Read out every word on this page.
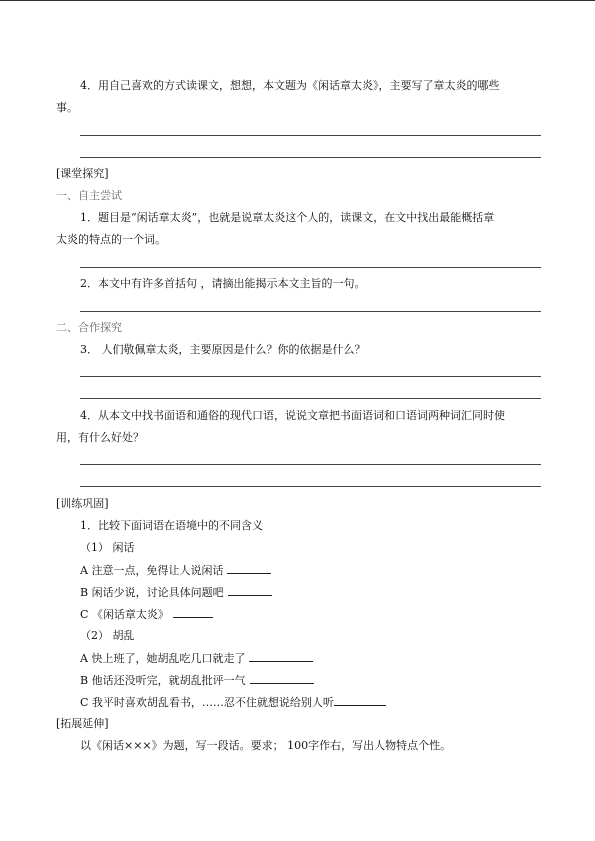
4．用自己喜欢的方式读课文，想想，本文题为《闲话章太炎》，主要写了章太炎的哪些
事。
[课堂探究]
一、自主尝试
1．题目是“闲话章太炎”，也就是说章太炎这个人的，读课文，在文中找出最能概括章
太炎的特点的一个词。
2．本文中有许多首括句 ，请摘出能揭示本文主旨的一句。
二、合作探究
3． 人们敬佩章太炎，主要原因是什么？你的依据是什么？
4．从本文中找书面语和通俗的现代口语，说说文章把书面语词和口语词两种词汇同时使
用，有什么好处？
[训练巩固]
1．比较下面词语在语境中的不同含义
（1） 闲话
A 注意一点，免得让人说闲话
B 闲话少说，讨论具体问题吧
C 《闲话章太炎》
（2） 胡乱
A 快上班了，她胡乱吃几口就走了
B 他话还没听完，就胡乱批评一气
C 我平时喜欢胡乱看书，……忍不住就想说给别人听
[拓展延伸]
以《闲话×××》为题，写一段话。要求； 100字作右，写出人物特点个性。
